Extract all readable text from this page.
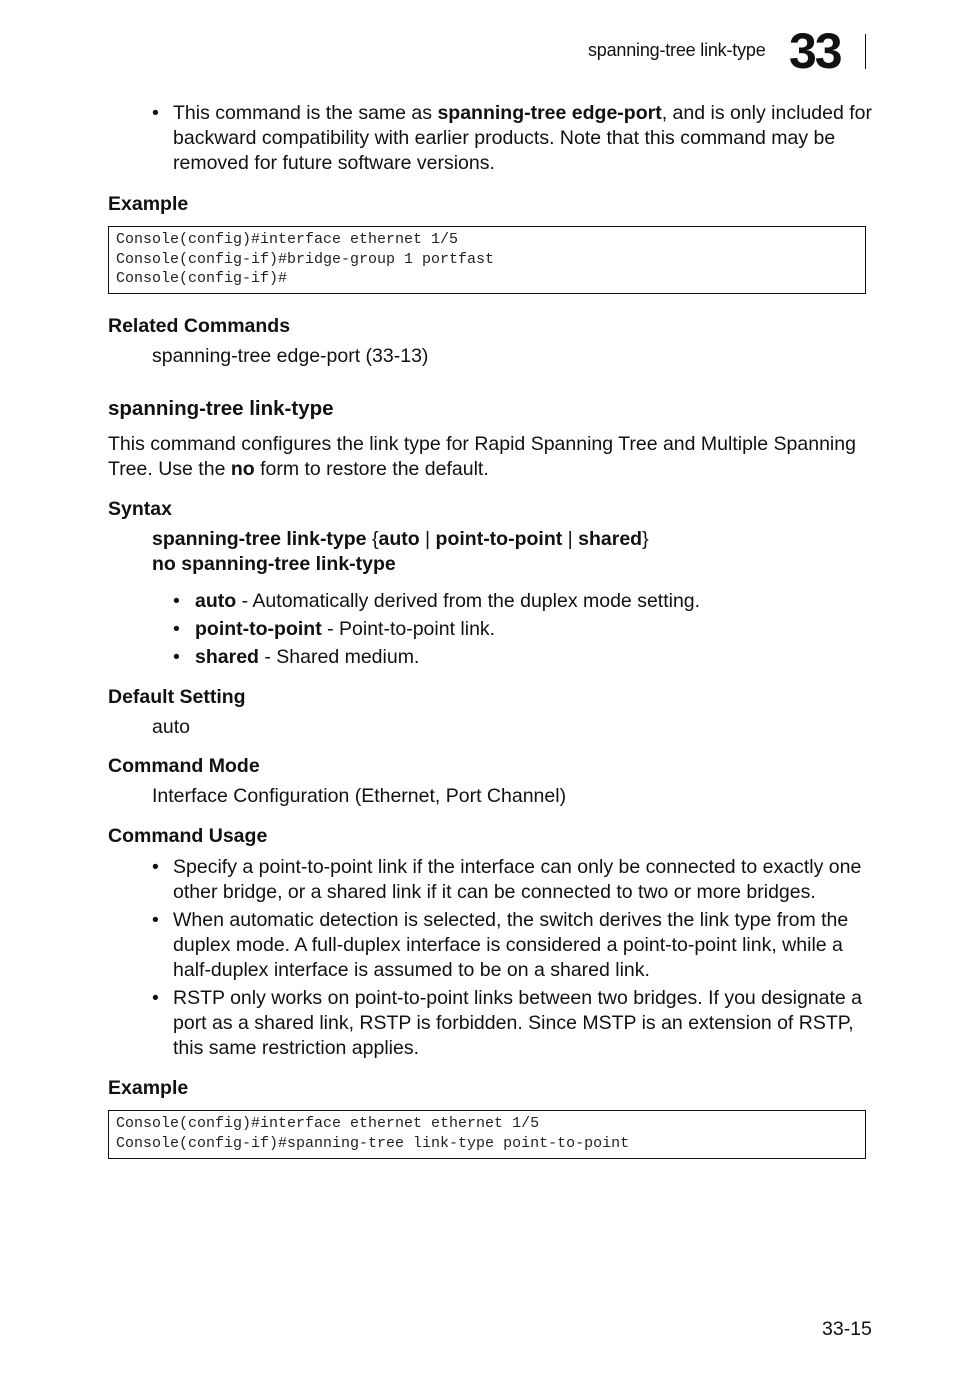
spanning-tree link-type 33
• This command is the same as spanning-tree edge-port, and is only included for backward compatibility with earlier products. Note that this command may be removed for future software versions.
Example
Console(config)#interface ethernet 1/5
Console(config-if)#bridge-group 1 portfast
Console(config-if)#
Related Commands
spanning-tree edge-port (33-13)
spanning-tree link-type
This command configures the link type for Rapid Spanning Tree and Multiple Spanning Tree. Use the no form to restore the default.
Syntax
spanning-tree link-type {auto | point-to-point | shared}
no spanning-tree link-type
• auto - Automatically derived from the duplex mode setting.
• point-to-point - Point-to-point link.
• shared - Shared medium.
Default Setting
auto
Command Mode
Interface Configuration (Ethernet, Port Channel)
Command Usage
• Specify a point-to-point link if the interface can only be connected to exactly one other bridge, or a shared link if it can be connected to two or more bridges.
• When automatic detection is selected, the switch derives the link type from the duplex mode. A full-duplex interface is considered a point-to-point link, while a half-duplex interface is assumed to be on a shared link.
• RSTP only works on point-to-point links between two bridges. If you designate a port as a shared link, RSTP is forbidden. Since MSTP is an extension of RSTP, this same restriction applies.
Example
Console(config)#interface ethernet ethernet 1/5
Console(config-if)#spanning-tree link-type point-to-point
33-15
